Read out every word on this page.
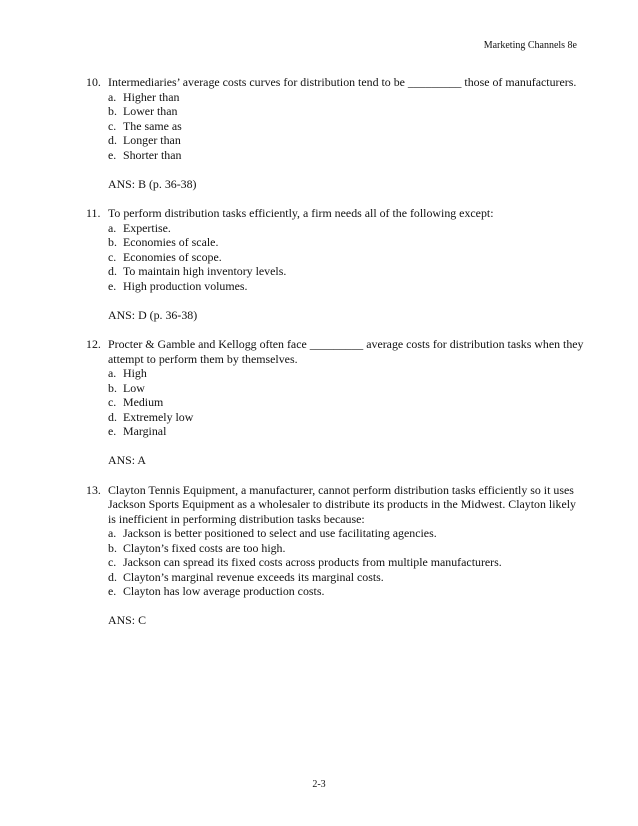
Marketing Channels 8e
10. Intermediaries’ average costs curves for distribution tend to be _________ those of manufacturers.
a. Higher than
b. Lower than
c. The same as
d. Longer than
e. Shorter than
ANS: B (p. 36-38)
11. To perform distribution tasks efficiently, a firm needs all of the following except:
a. Expertise.
b. Economies of scale.
c. Economies of scope.
d. To maintain high inventory levels.
e. High production volumes.
ANS: D (p. 36-38)
12. Procter & Gamble and Kellogg often face _________ average costs for distribution tasks when they attempt to perform them by themselves.
a. High
b. Low
c. Medium
d. Extremely low
e. Marginal
ANS: A
13. Clayton Tennis Equipment, a manufacturer, cannot perform distribution tasks efficiently so it uses Jackson Sports Equipment as a wholesaler to distribute its products in the Midwest. Clayton likely is inefficient in performing distribution tasks because:
a. Jackson is better positioned to select and use facilitating agencies.
b. Clayton’s fixed costs are too high.
c. Jackson can spread its fixed costs across products from multiple manufacturers.
d. Clayton’s marginal revenue exceeds its marginal costs.
e. Clayton has low average production costs.
ANS: C
2-3
